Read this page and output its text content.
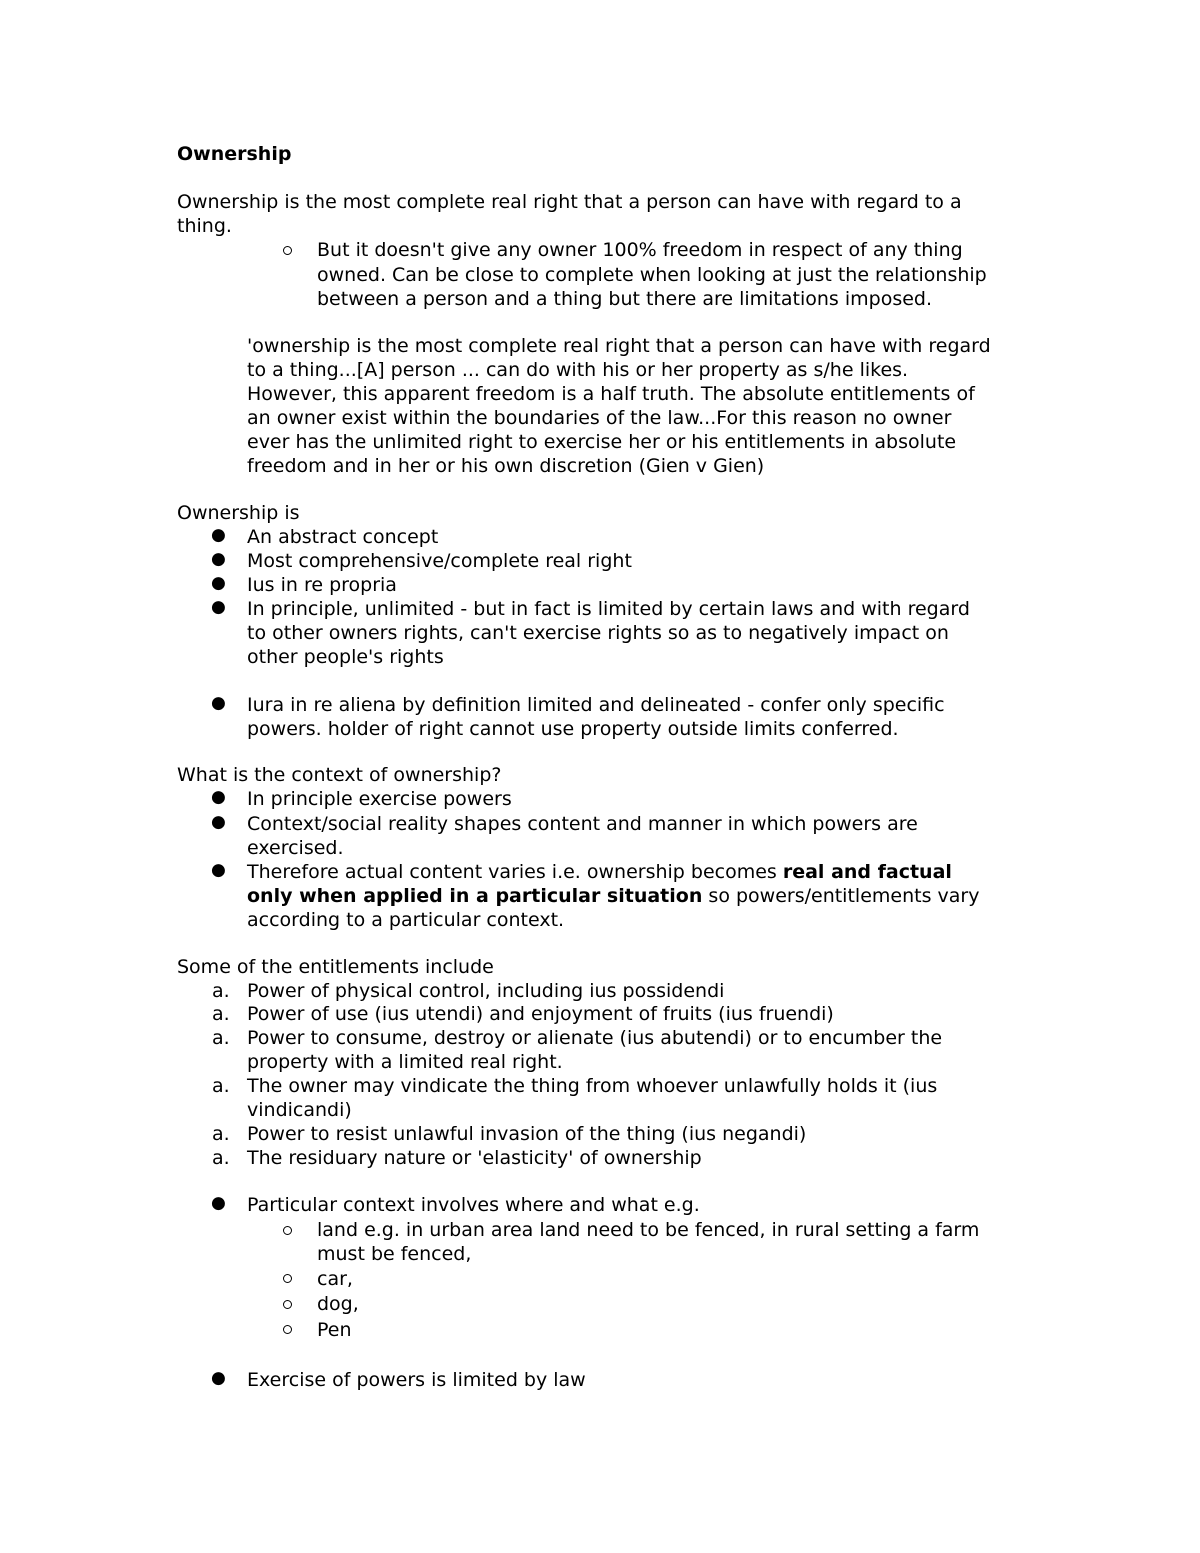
Ownership
Ownership is the most complete real right that a person can have with regard to a
thing.
But it doesn't give any owner 100% freedom in respect of any thing
owned. Can be close to complete when looking at just the relationship
between a person and a thing but there are limitations imposed.
'ownership is the most complete real right that a person can have with regard
to a thing...[A] person ... can do with his or her property as s/he likes.
However, this apparent freedom is a half truth. The absolute entitlements of
an owner exist within the boundaries of the law...For this reason no owner
ever has the unlimited right to exercise her or his entitlements in absolute
freedom and in her or his own discretion (Gien v Gien)
Ownership is
● An abstract concept
● Most comprehensive/complete real right
● Ius in re propria
● In principle, unlimited - but in fact is limited by certain laws and with regard
to other owners rights, can't exercise rights so as to negatively impact on
other people's rights
● Iura in re aliena by definition limited and delineated - confer only specific
powers. holder of right cannot use property outside limits conferred.
What is the context of ownership?
● In principle exercise powers
● Context/social reality shapes content and manner in which powers are
exercised.
● Therefore actual content varies i.e. ownership becomes real and factual
only when applied in a particular situation so powers/entitlements vary
according to a particular context.
Some of the entitlements include
a. Power of physical control, including ius possidendi
a. Power of use (ius utendi) and enjoyment of fruits (ius fruendi)
a. Power to consume, destroy or alienate (ius abutendi) or to encumber the
property with a limited real right.
a. The owner may vindicate the thing from whoever unlawfully holds it (ius
vindicandi)
a. Power to resist unlawful invasion of the thing (ius negandi)
a. The residuary nature or 'elasticity' of ownership
● Particular context involves where and what e.g.
land e.g. in urban area land need to be fenced, in rural setting a farm
must be fenced,
car,
dog,
Pen
● Exercise of powers is limited by law
